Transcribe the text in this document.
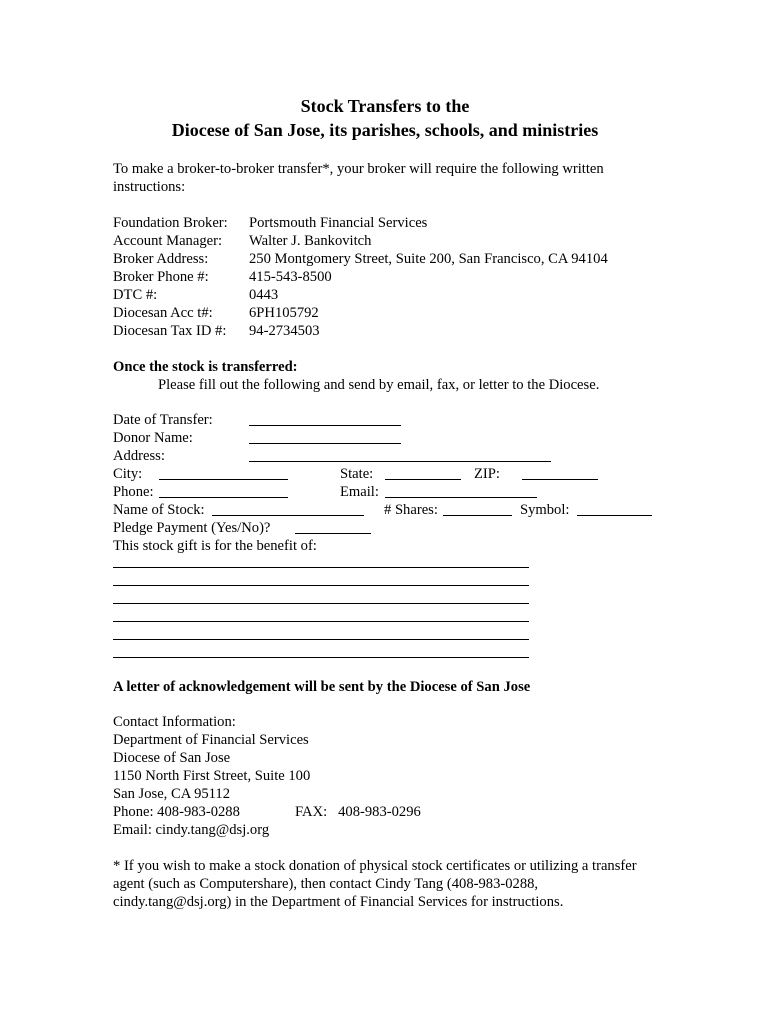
Stock Transfers to the
Diocese of San Jose, its parishes, schools, and ministries
To make a broker-to-broker transfer*, your broker will require the following written
instructions:
Foundation Broker: Portsmouth Financial Services
Account Manager: Walter J. Bankovitch
Broker Address:	250 Montgomery Street, Suite 200, San Francisco, CA 94104
Broker Phone #:	415-543-8500
DTC #:	0443
Diocesan Acc t#: 6PH105792
Diocesan Tax ID #: 94-2734503
Once the stock is transferred:
Please fill out the following and send by email, fax, or letter to the Diocese.
Date of Transfer:
Donor Name:
Address:
City:	State:	ZIP:
Phone:	Email:
Name of Stock:	# Shares:	Symbol:
Pledge Payment (Yes/No)?
This stock gift is for the benefit of:
A letter of acknowledgement will be sent by the Diocese of San Jose
Contact Information:
Department of Financial Services
Diocese of San Jose
1150 North First Street, Suite 100
San Jose, CA 95112
Phone: 408-983-0288	FAX:   408-983-0296
Email: cindy.tang@dsj.org
* If you wish to make a stock donation of physical stock certificates or utilizing a transfer
agent (such as Computershare), then contact Cindy Tang (408-983-0288,
cindy.tang@dsj.org) in the Department of Financial Services for instructions.
